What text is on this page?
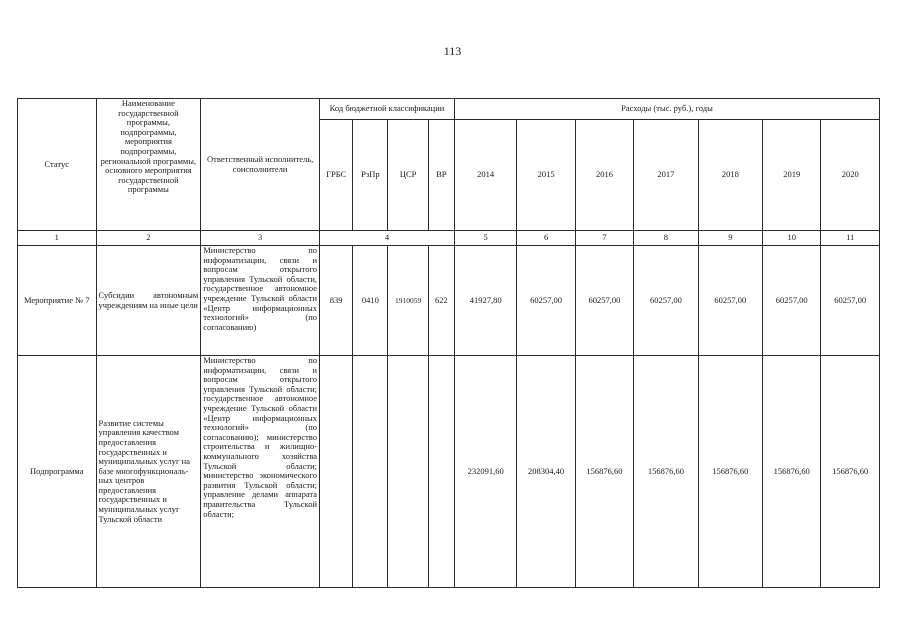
113
Статус	Наименование государственной программы, подпрограммы, мероприятия подпрограммы, региональной программы, основного мероприятия государственной программы	Ответственный исполнитель, соисполнители	Код бюджетной классификации				Расходы (тыс. руб.), годы						
			ГРБС	РзПр	ЦСР	ВР	2014	2015	2016	2017	2018	2019	2020
1	2	3	4				5	6	7	8	9	10	11
Мероприятие № 7	Субсидии автономным учреждениям на иные цели	Министерство по информатизации, связи и вопросам открытого управления Тульской области, государственное автономное учреждение Тульской области «Центр информационных технологий» (по согласованию)	839	0410	1910059	622	41927,80	60257,00	60257,00	60257,00	60257,00	60257,00	60257,00
Подпрограмма	Развитие системы управления качеством предоставления государственных и муниципальных услуг на базе многофункциональ-ных центров предоставления государственных и муниципальных услуг Тульской области	Министерство по информатизации, связи и вопросам открытого управления Тульской области; государственное автономное учреждение Тульской области «Центр информационных технологий» (по согласованию); министерство строительства и жилищно-коммунального хозяйства Тульской области; министерство экономического развития Тульской области; управление делами аппарата правительства Тульской области;					232091,60	208304,40	156876,60	156876,60	156876,60	156876,60	156876,60
